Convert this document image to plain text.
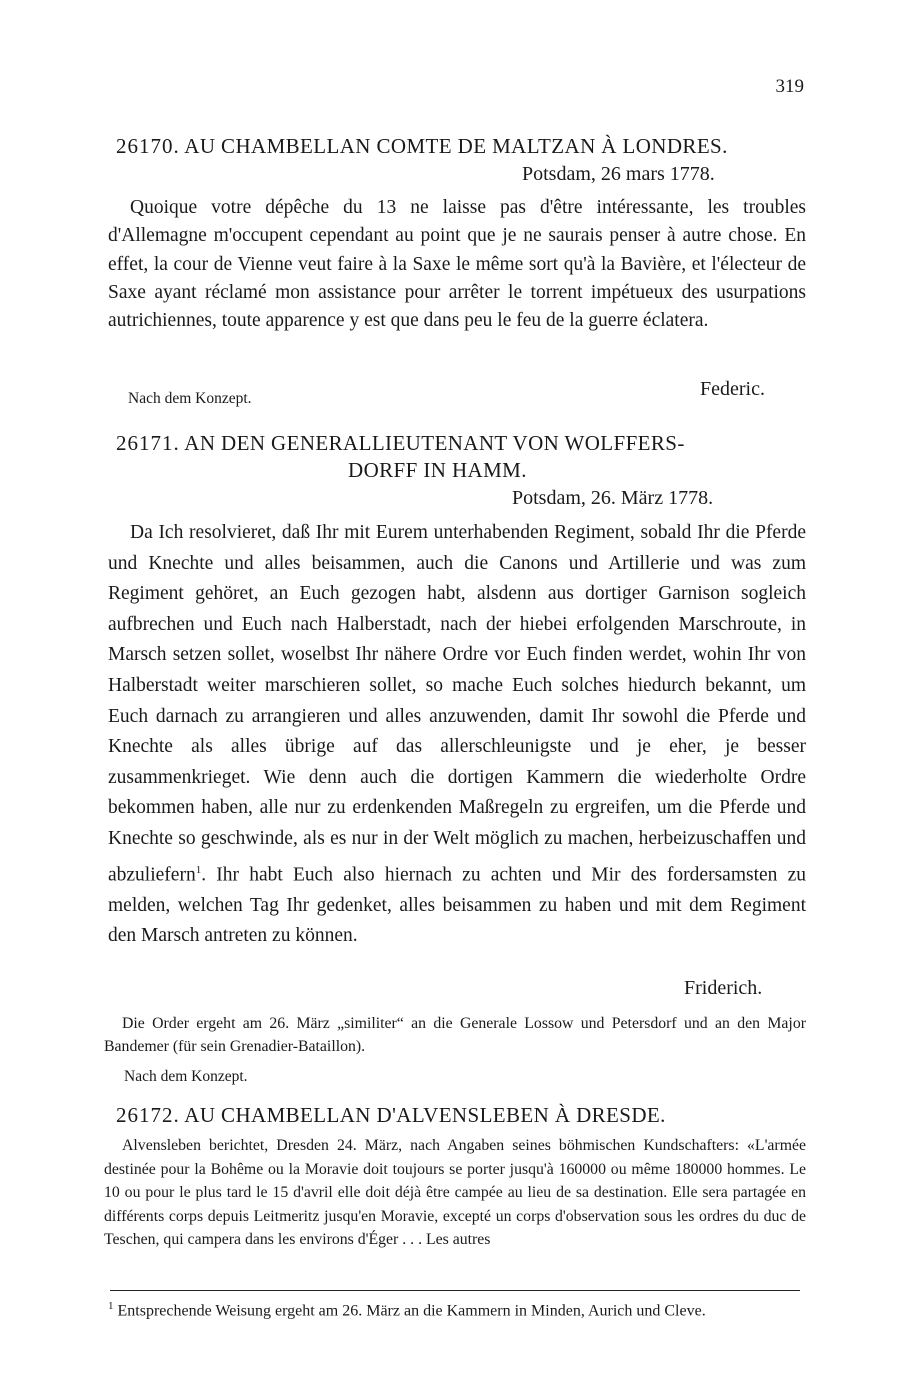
319
26170. AU CHAMBELLAN COMTE DE MALTZAN À LONDRES.
Potsdam, 26 mars 1778.

Quoique votre dépêche du 13 ne laisse pas d'être intéressante, les troubles d'Allemagne m'occupent cependant au point que je ne saurais penser à autre chose. En effet, la cour de Vienne veut faire à la Saxe le même sort qu'à la Bavière, et l'électeur de Saxe ayant réclamé mon assistance pour arrêter le torrent impétueux des usurpations autrichiennes, toute apparence y est que dans peu le feu de la guerre éclatera.

Federic.
Nach dem Konzept.
26171. AN DEN GENERALLIEUTENANT VON WOLFFERS-
DORFF IN HAMM.
Potsdam, 26. März 1778.

Da Ich resolvieret, daß Ihr mit Eurem unterhabenden Regiment, sobald Ihr die Pferde und Knechte und alles beisammen, auch die Canons und Artillerie und was zum Regiment gehöret, an Euch gezogen habt, alsdenn aus dortiger Garnison sogleich aufbrechen und Euch nach Halberstadt, nach der hiebei erfolgenden Marschroute, in Marsch setzen sollet, woselbst Ihr nähere Ordre vor Euch finden werdet, wohin Ihr von Halberstadt weiter marschieren sollet, so mache Euch solches hiedurch bekannt, um Euch darnach zu arrangieren und alles anzuwenden, damit Ihr sowohl die Pferde und Knechte als alles übrige auf das allerschleunigste und je eher, je besser zusammenkrieget. Wie denn auch die dortigen Kammern die wiederholte Ordre bekommen haben, alle nur zu erdenkenden Maßregeln zu ergreifen, um die Pferde und Knechte so geschwinde, als es nur in der Welt möglich zu machen, herbeizuschaffen und abzuliefern$^1$. Ihr habt Euch also hiernach zu achten und Mir des fordersamsten zu melden, welchen Tag Ihr gedenket, alles beisammen zu haben und mit dem Regiment den Marsch antreten zu können.

Friderich.
Die Order ergeht am 26. März „similiter“ an die Generale Lossow und Petersdorf und an den Major Bandemer (für sein Grenadier-Bataillon).
Nach dem Konzept.
26172. AU CHAMBELLAN D'ALVENSLEBEN À DRESDE.
Alvensleben berichtet, Dresden 24. März, nach Angaben seines böhmischen Kundschafters: «L'armée destinée pour la Bohême ou la Moravie doit toujours se porter jusqu'à 160000 ou même 180000 hommes. Le 10 ou pour le plus tard le 15 d'avril elle doit déjà être campée au lieu de sa destination. Elle sera partagée en différents corps depuis Leitmeritz jusqu'en Moravie, excepté un corps d'observation sous les ordres du duc de Teschen, qui campera dans les environs d'Éger . . . Les autres
$^1$ Entsprechende Weisung ergeht am 26. März an die Kammern in Minden, Aurich und Cleve.
